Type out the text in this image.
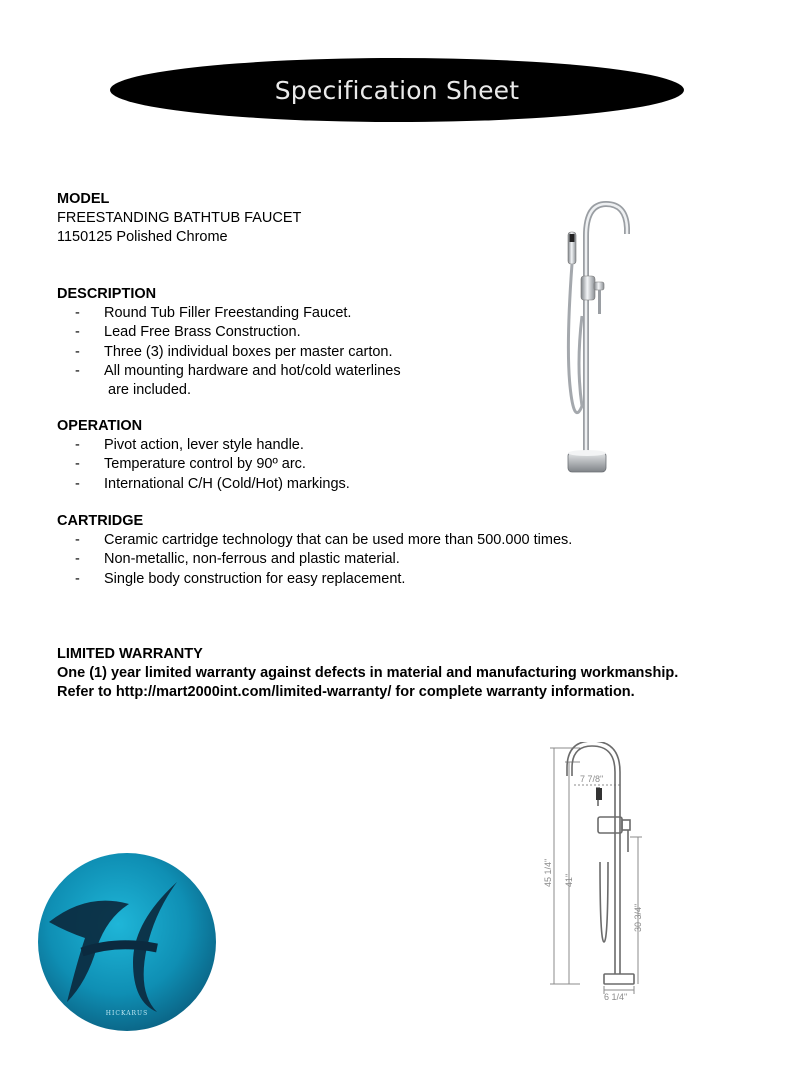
Specification Sheet
MODEL
FREESTANDING BATHTUB FAUCET
1150125 Polished Chrome
DESCRIPTION
- Round Tub Filler Freestanding Faucet.
- Lead Free Brass Construction.
- Three (3) individual boxes per master carton.
- All mounting hardware and hot/cold waterlines
are included.
OPERATION
- Pivot action, lever style handle.
- Temperature control by 90º arc.
- International C/H (Cold/Hot) markings.
CARTRIDGE
- Ceramic cartridge technology that can be used more than 500.000 times.
- Non-metallic, non-ferrous and plastic material.
- Single body construction for easy replacement.
LIMITED WARRANTY
One (1) year limited warranty against defects in material and manufacturing workmanship.
Refer to http://mart2000int.com/limited-warranty/ for complete warranty information.
7 7/8"
30 3/4"
6 1/4"
45 1/4" 41"
HICKARUS
